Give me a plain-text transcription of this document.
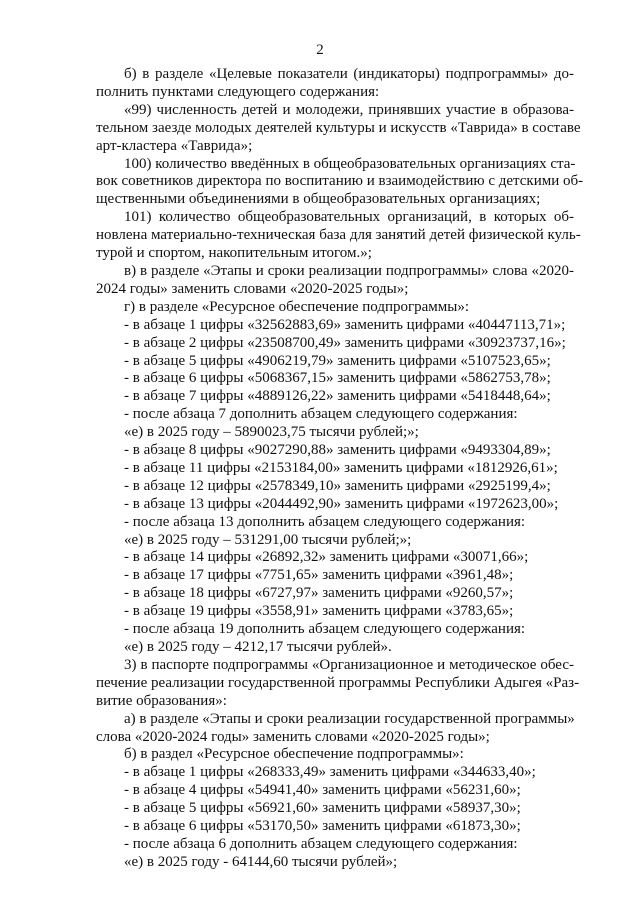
2
б) в разделе «Целевые показатели (индикаторы) подпрограммы» до-
полнить пунктами следующего содержания:
«99) численность детей и молодежи, принявших участие в образова-
тельном заезде молодых деятелей культуры и искусств «Таврида» в составе
арт-кластера «Таврида»;
100) количество введённых в общеобразовательных организациях ста-
вок советников директора по воспитанию и взаимодействию с детскими об-
щественными объединениями в общеобразовательных организациях;
101) количество общеобразовательных организаций, в которых об-
новлена материально-техническая база для занятий детей физической куль-
турой и спортом, накопительным итогом.»;
в) в разделе «Этапы и сроки реализации подпрограммы» слова «2020-
2024 годы» заменить словами «2020-2025 годы»;
г) в разделе «Ресурсное обеспечение подпрограммы»:
- в абзаце 1 цифры «32562883,69» заменить цифрами «40447113,71»;
- в абзаце 2 цифры «23508700,49» заменить цифрами «30923737,16»;
- в абзаце 5 цифры «4906219,79» заменить цифрами «5107523,65»;
- в абзаце 6 цифры «5068367,15» заменить цифрами «5862753,78»;
- в абзаце 7 цифры «4889126,22» заменить цифрами «5418448,64»;
- после абзаца 7 дополнить абзацем следующего содержания:
«е) в 2025 году – 5890023,75 тысячи рублей;»;
- в абзаце 8 цифры «9027290,88» заменить цифрами «9493304,89»;
- в абзаце 11 цифры «2153184,00» заменить цифрами «1812926,61»;
- в абзаце 12 цифры «2578349,10» заменить цифрами «2925199,4»;
- в абзаце 13 цифры «2044492,90» заменить цифрами «1972623,00»;
- после абзаца 13 дополнить абзацем следующего содержания:
«е) в 2025 году – 531291,00 тысячи рублей;»;
- в абзаце 14 цифры «26892,32» заменить цифрами «30071,66»;
- в абзаце 17 цифры «7751,65» заменить цифрами «3961,48»;
- в абзаце 18 цифры «6727,97» заменить цифрами «9260,57»;
- в абзаце 19 цифры «3558,91» заменить цифрами «3783,65»;
- после абзаца 19 дополнить абзацем следующего содержания:
«е) в 2025 году – 4212,17 тысячи рублей».
3) в паспорте подпрограммы «Организационное и методическое обес-
печение реализации государственной программы Республики Адыгея «Раз-
витие образования»:
а) в разделе «Этапы и сроки реализации государственной программы»
слова «2020-2024 годы» заменить словами «2020-2025 годы»;
б) в раздел «Ресурсное обеспечение подпрограммы»:
- в абзаце 1 цифры «268333,49» заменить цифрами «344633,40»;
- в абзаце 4 цифры «54941,40» заменить цифрами «56231,60»;
- в абзаце 5 цифры «56921,60» заменить цифрами «58937,30»;
- в абзаце 6 цифры «53170,50» заменить цифрами «61873,30»;
- после абзаца 6 дополнить абзацем следующего содержания:
«е) в 2025 году - 64144,60 тысячи рублей»;
